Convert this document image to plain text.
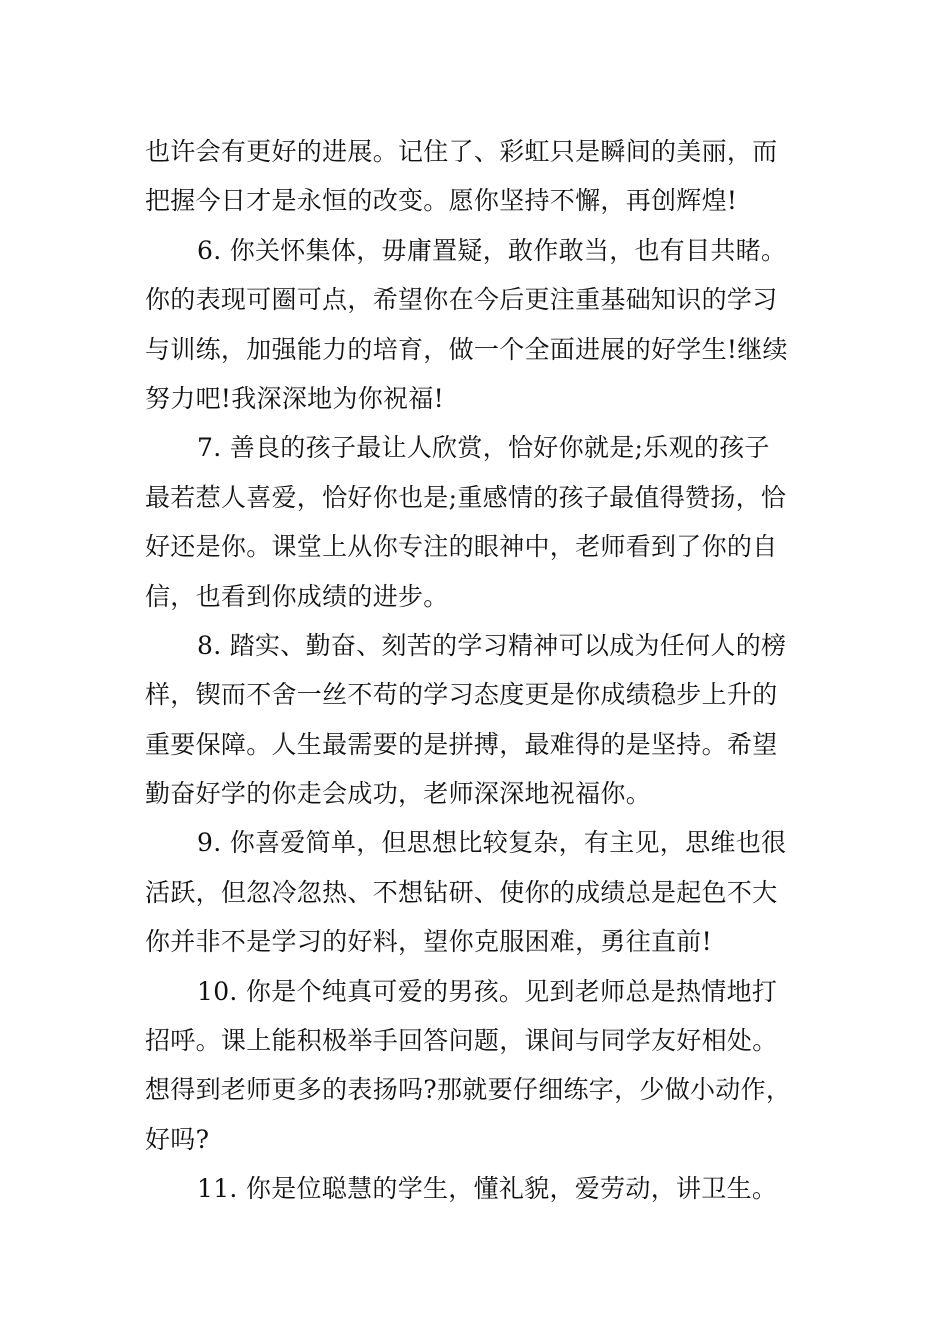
也许会有更好的进展。记住了、彩虹只是瞬间的美丽，而
把握今日才是永恒的改变。愿你坚持不懈，再创辉煌!
6. 你关怀集体，毋庸置疑，敢作敢当，也有目共睹。
你的表现可圈可点，希望你在今后更注重基础知识的学习
与训练，加强能力的培育，做一个全面进展的好学生!继续
努力吧!我深深地为你祝福!
7. 善良的孩子最让人欣赏，恰好你就是;乐观的孩子
最若惹人喜爱，恰好你也是;重感情的孩子最值得赞扬，恰
好还是你。课堂上从你专注的眼神中，老师看到了你的自
信，也看到你成绩的进步。
8. 踏实、勤奋、刻苦的学习精神可以成为任何人的榜
样，锲而不舍一丝不苟的学习态度更是你成绩稳步上升的
重要保障。人生最需要的是拼搏，最难得的是坚持。希望
勤奋好学的你走会成功，老师深深地祝福你。
9. 你喜爱简单，但思想比较复杂，有主见，思维也很
活跃，但忽冷忽热、不想钻研、使你的成绩总是起色不大
你并非不是学习的好料，望你克服困难，勇往直前!
10. 你是个纯真可爱的男孩。见到老师总是热情地打
招呼。课上能积极举手回答问题，课间与同学友好相处。
想得到老师更多的表扬吗?那就要仔细练字，少做小动作，
好吗?
11. 你是位聪慧的学生，懂礼貌，爱劳动，讲卫生。
